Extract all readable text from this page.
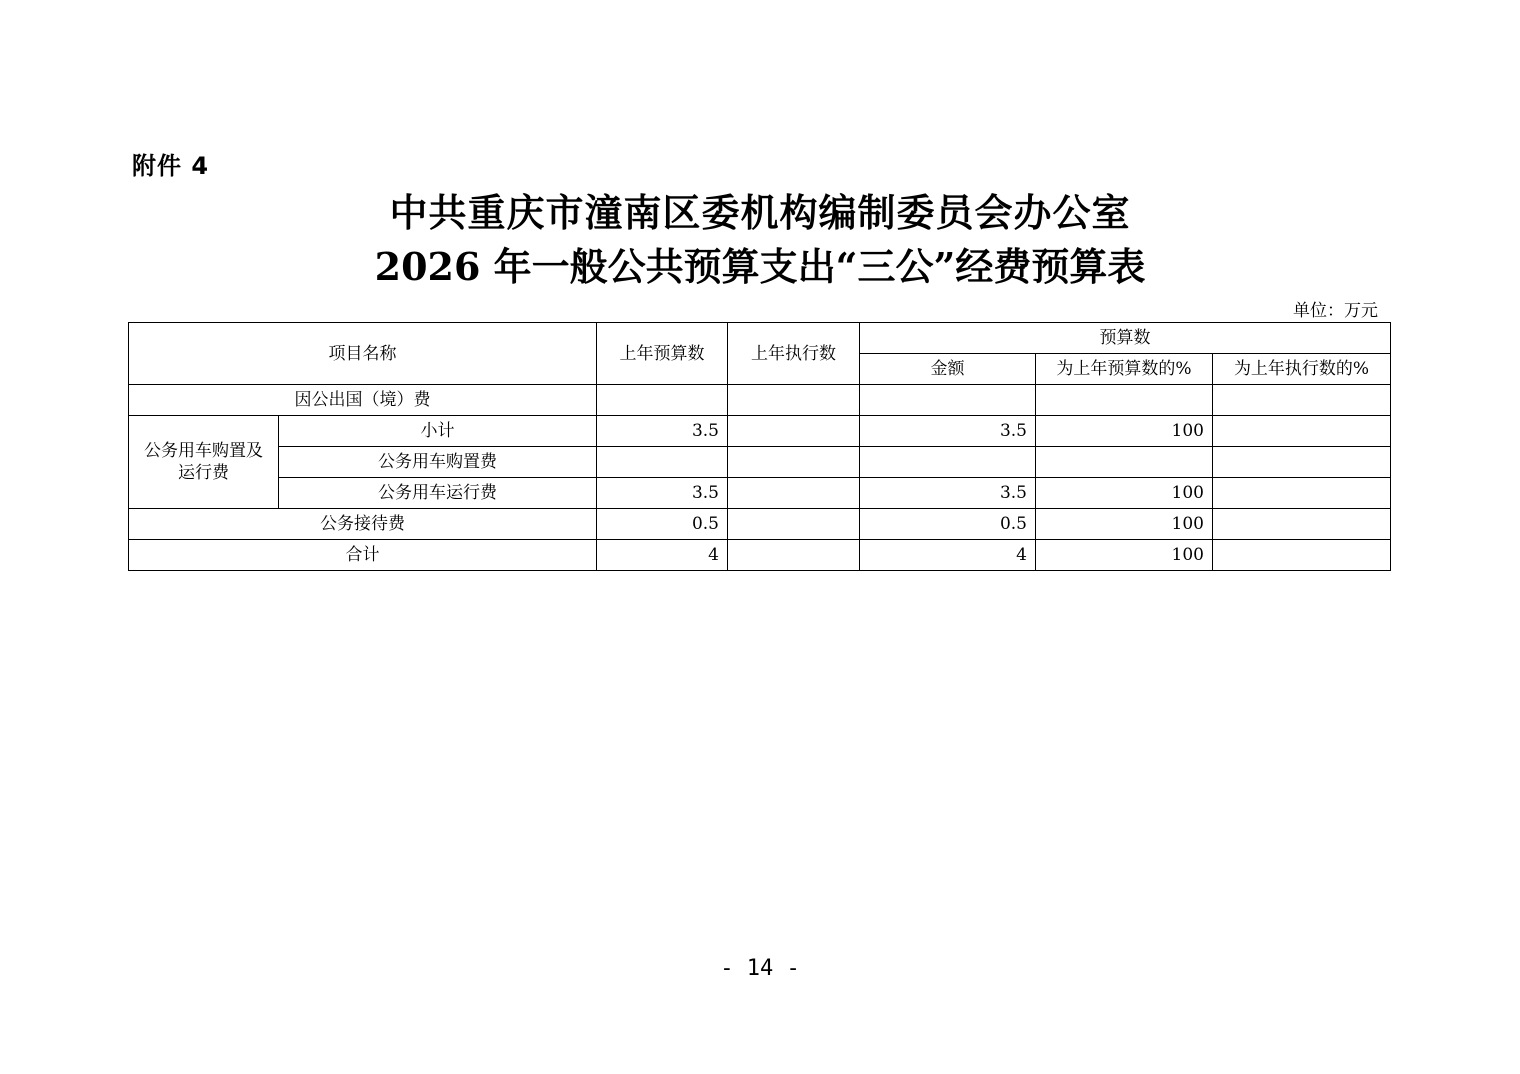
附件 4
中共重庆市潼南区委机构编制委员会办公室
2026 年一般公共预算支出“三公”经费预算表
单位：万元
项目名称		上年预算数	上年执行数	预算数		
				金额	为上年预算数的%	为上年执行数的%
因公出国（境）费						
公务用车购置及运行费	小计	3.5		3.5	100	
	公务用车购置费					
	公务用车运行费	3.5		3.5	100	
公务接待费		0.5		0.5	100	
合计		4		4	100	
- 14 -
